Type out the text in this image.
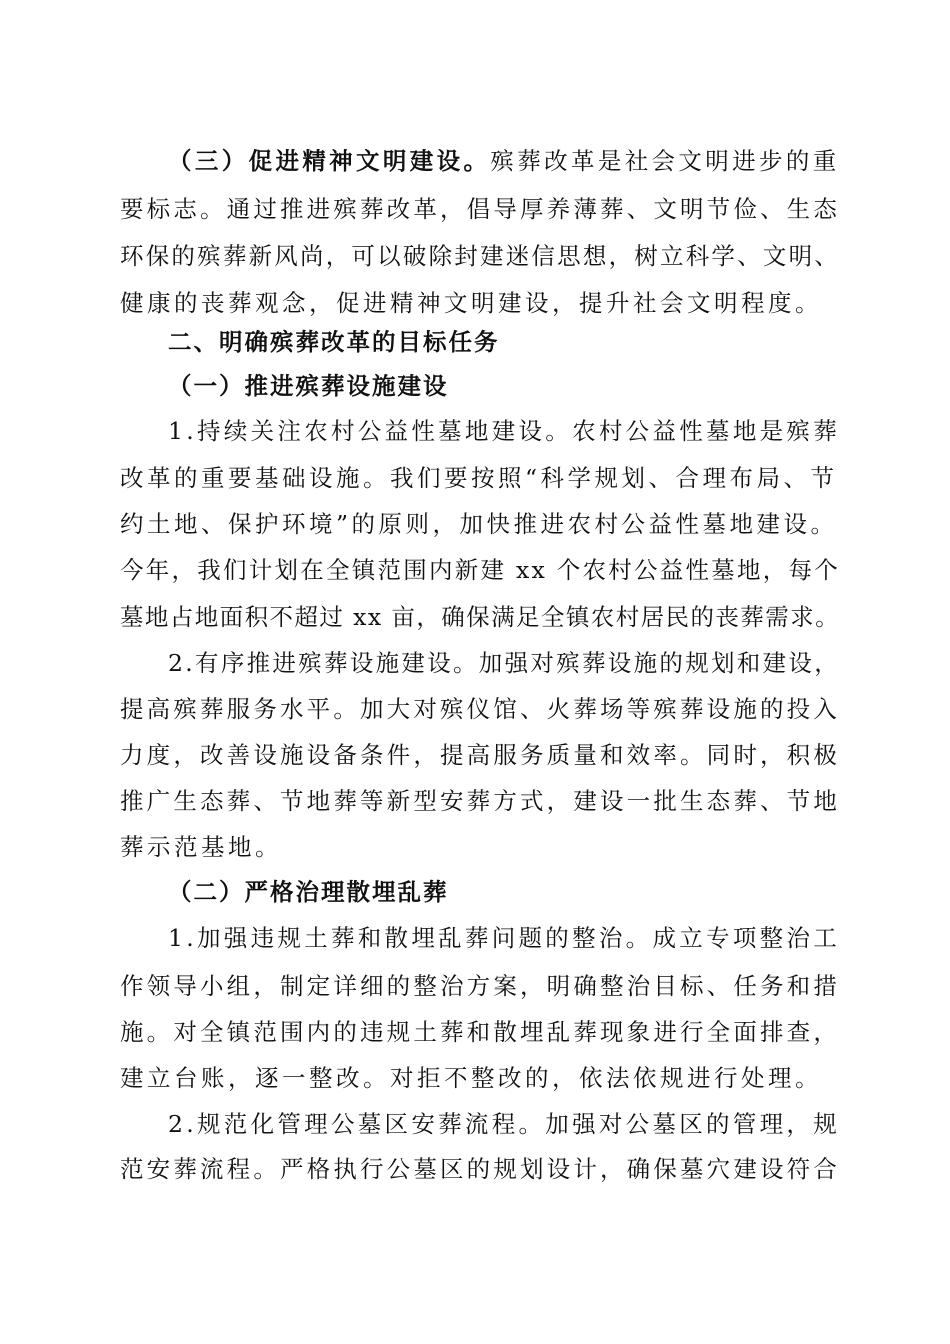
（三）促进精神文明建设。殡葬改革是社会文明进步的重
要标志。通过推进殡葬改革，倡导厚养薄葬、文明节俭、生态
环保的殡葬新风尚，可以破除封建迷信思想，树立科学、文明、
健康的丧葬观念，促进精神文明建设，提升社会文明程度。
二、明确殡葬改革的目标任务
（一）推进殡葬设施建设
1.持续关注农村公益性墓地建设。农村公益性墓地是殡葬
改革的重要基础设施。我们要按照“科学规划、合理布局、节
约土地、保护环境”的原则，加快推进农村公益性墓地建设。
今年，我们计划在全镇范围内新建 xx 个农村公益性墓地，每个
墓地占地面积不超过 xx 亩，确保满足全镇农村居民的丧葬需求。
2.有序推进殡葬设施建设。加强对殡葬设施的规划和建设，
提高殡葬服务水平。加大对殡仪馆、火葬场等殡葬设施的投入
力度，改善设施设备条件，提高服务质量和效率。同时，积极
推广生态葬、节地葬等新型安葬方式，建设一批生态葬、节地
葬示范基地。
（二）严格治理散埋乱葬
1.加强违规土葬和散埋乱葬问题的整治。成立专项整治工
作领导小组，制定详细的整治方案，明确整治目标、任务和措
施。对全镇范围内的违规土葬和散埋乱葬现象进行全面排查，
建立台账，逐一整改。对拒不整改的，依法依规进行处理。
2.规范化管理公墓区安葬流程。加强对公墓区的管理，规
范安葬流程。严格执行公墓区的规划设计，确保墓穴建设符合
